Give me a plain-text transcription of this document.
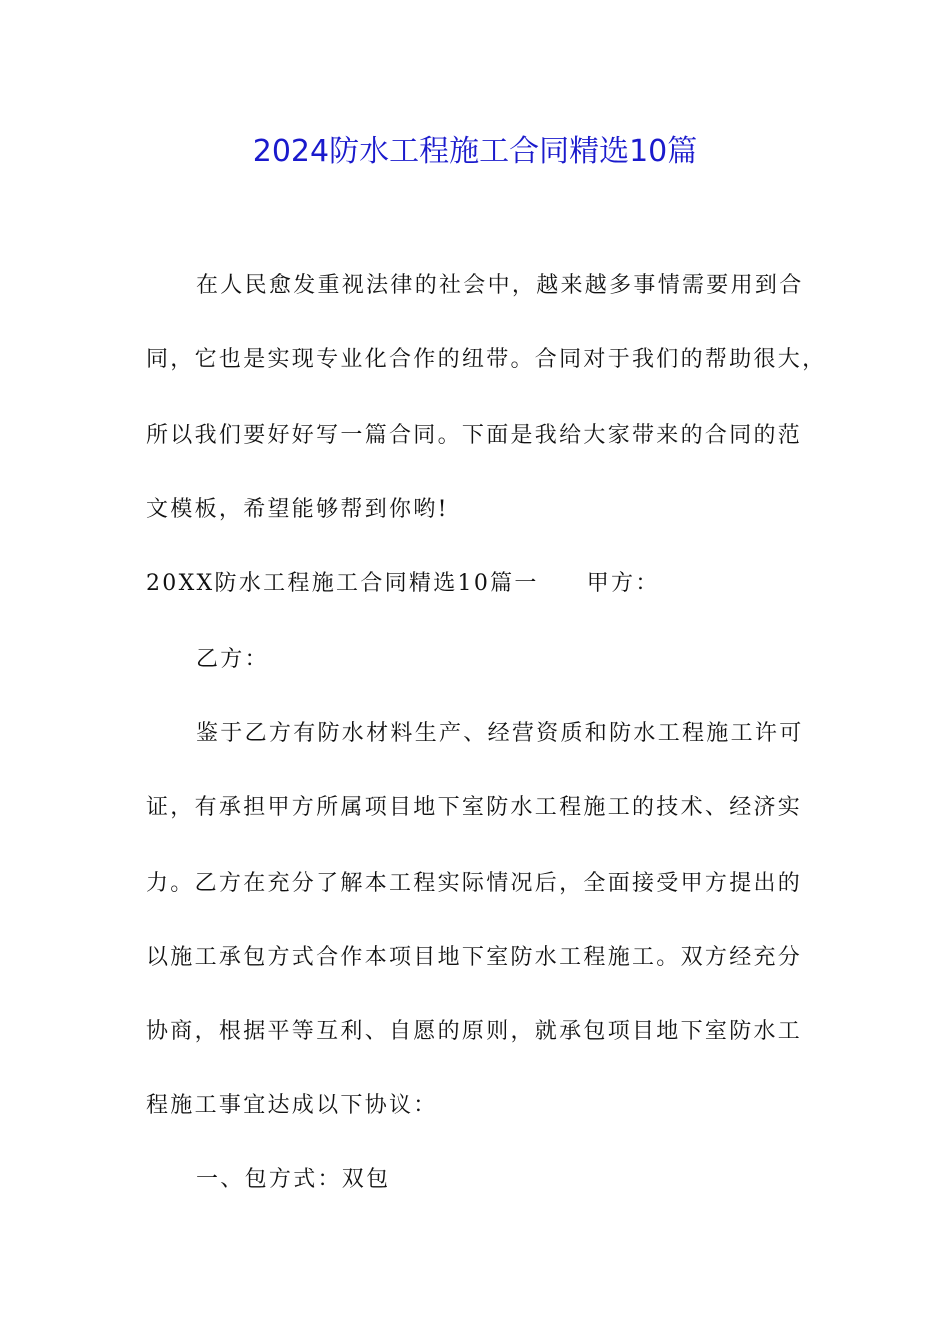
2024防水工程施工合同精选10篇
在人民愈发重视法律的社会中，越来越多事情需要用到合
同，它也是实现专业化合作的纽带。合同对于我们的帮助很大，
所以我们要好好写一篇合同。下面是我给大家带来的合同的范
文模板，希望能够帮到你哟!
20XX防水工程施工合同精选10篇一 甲方：
乙方：
鉴于乙方有防水材料生产、经营资质和防水工程施工许可
证，有承担甲方所属项目地下室防水工程施工的技术、经济实
力。乙方在充分了解本工程实际情况后，全面接受甲方提出的
以施工承包方式合作本项目地下室防水工程施工。双方经充分
协商，根据平等互利、自愿的原则，就承包项目地下室防水工
程施工事宜达成以下协议：
一、包方式：双包
